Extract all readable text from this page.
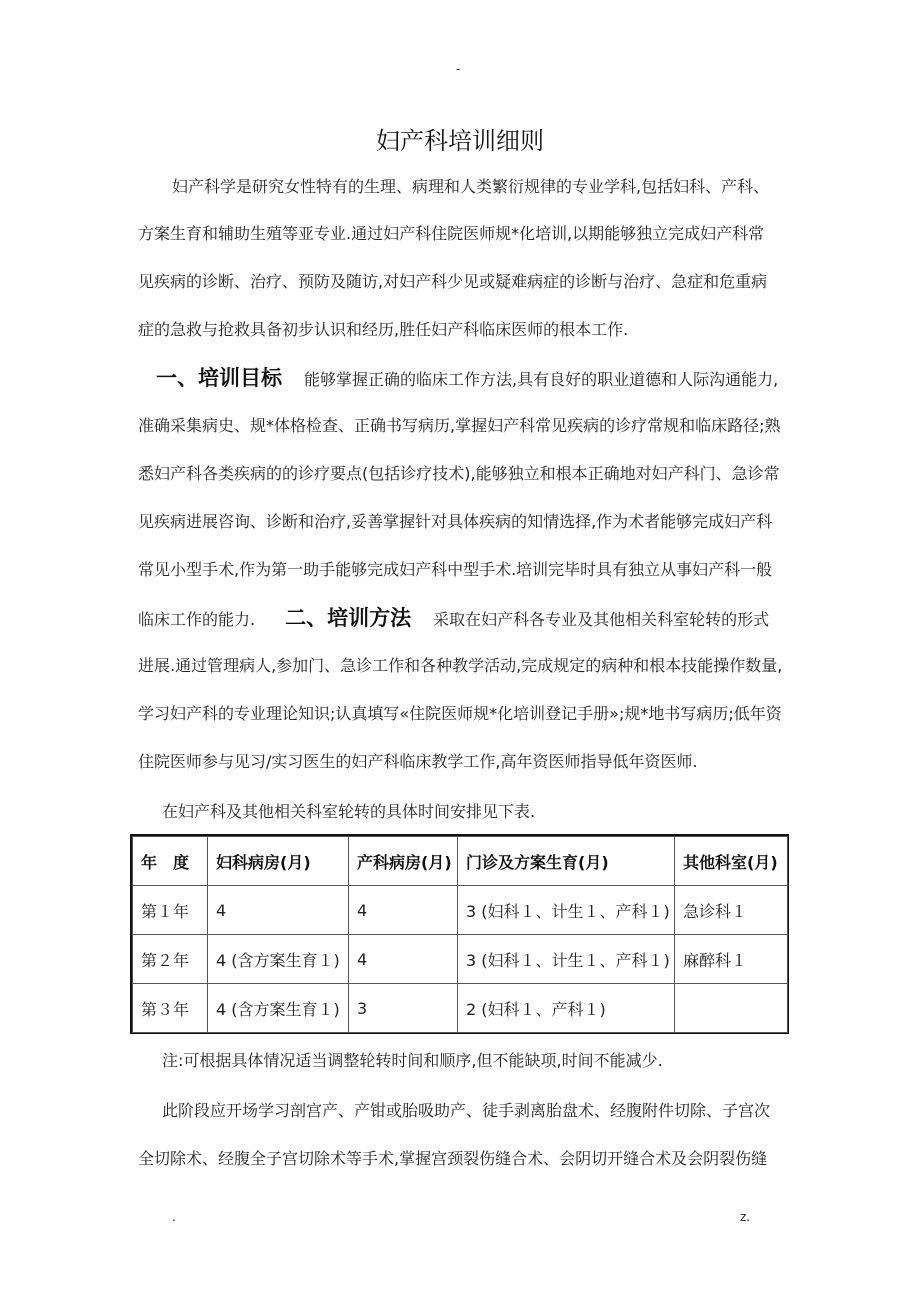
-
妇产科培训细则
妇产科学是研究女性特有的生理、病理和人类繁衍规律的专业学科,包括妇科、产科、
方案生育和辅助生殖等亚专业.通过妇产科住院医师规*化培训,以期能够独立完成妇产科常
见疾病的诊断、治疗、预防及随访,对妇产科少见或疑难病症的诊断与治疗、急症和危重病
症的急救与抢救具备初步认识和经历,胜任妇产科临床医师的根本工作.
一、培训目标 能够掌握正确的临床工作方法,具有良好的职业道德和人际沟通能力,
准确采集病史、规*体格检查、正确书写病历,掌握妇产科常见疾病的诊疗常规和临床路径;熟
悉妇产科各类疾病的的诊疗要点(包括诊疗技术),能够独立和根本正确地对妇产科门、急诊常
见疾病进展咨询、诊断和治疗,妥善掌握针对具体疾病的知情选择,作为术者能够完成妇产科
常见小型手术,作为第一助手能够完成妇产科中型手术.培训完毕时具有独立从事妇产科一般
临床工作的能力. 二、培训方法 采取在妇产科各专业及其他相关科室轮转的形式
进展.通过管理病人,参加门、急诊工作和各种教学活动,完成规定的病种和根本技能操作数量,
学习妇产科的专业理论知识;认真填写«住院医师规*化培训登记手册»;规*地书写病历;低年资
住院医师参与见习/实习医生的妇产科临床教学工作,高年资医师指导低年资医师.
在妇产科及其他相关科室轮转的具体时间安排见下表.
年　度	妇科病房(月)	产科病房(月)	门诊及方案生育(月)	其他科室(月)
第１年	4	4	3 (妇科１、计生１、产科１)	急诊科１
第２年	4 (含方案生育１)	4	3 (妇科１、计生１、产科１)	麻醉科１
第３年	4 (含方案生育１)	3	2 (妇科１、产科１)	
注:可根据具体情况适当调整轮转时间和顺序,但不能缺项,时间不能减少.
此阶段应开场学习剖宫产、产钳或胎吸助产、徒手剥离胎盘术、经腹附件切除、子宫次
全切除术、经腹全子宫切除术等手术,掌握宫颈裂伤缝合术、会阴切开缝合术及会阴裂伤缝
.	z.
